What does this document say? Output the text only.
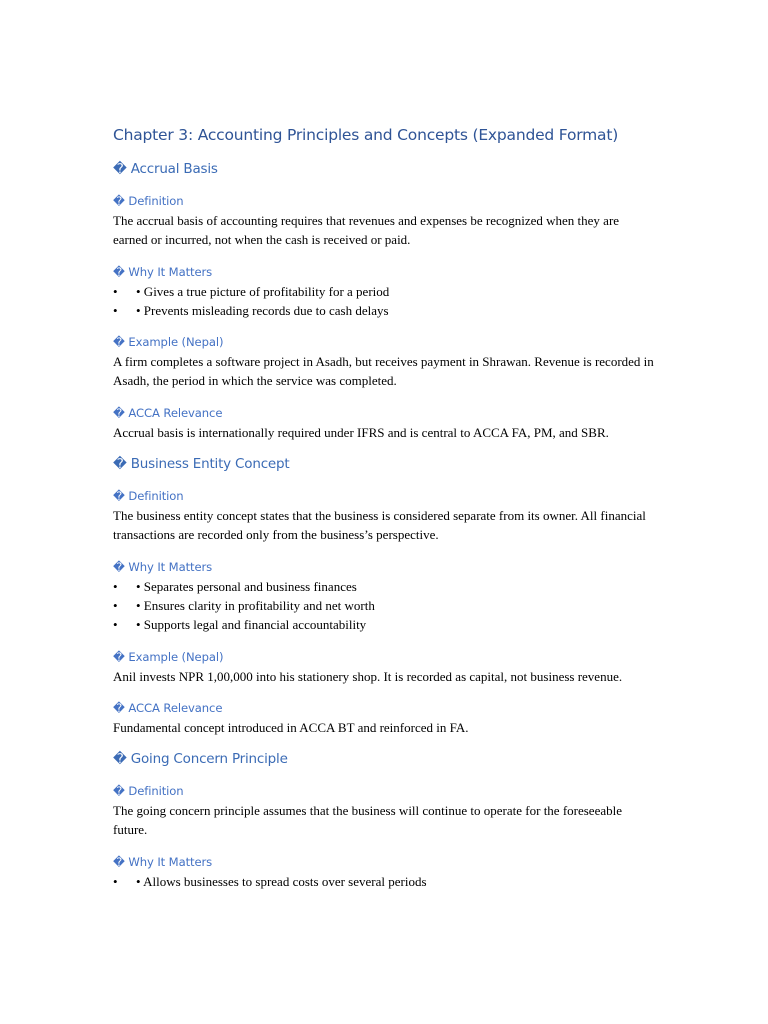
Chapter 3: Accounting Principles and Concepts (Expanded Format)
� Accrual Basis
� Definition

The accrual basis of accounting requires that revenues and expenses be recognized when they are earned or incurred, not when the cash is received or paid.

� Why It Matters
• • Gives a true picture of profitability for a period
• • Prevents misleading records due to cash delays
� Example (Nepal)

A firm completes a software project in Asadh, but receives payment in Shrawan. Revenue is recorded in Asadh, the period in which the service was completed.

� ACCA Relevance

Accrual basis is internationally required under IFRS and is central to ACCA FA, PM, and SBR.

� Business Entity Concept
� Definition

The business entity concept states that the business is considered separate from its owner. All financial transactions are recorded only from the business’s perspective.

� Why It Matters
• • Separates personal and business finances
• • Ensures clarity in profitability and net worth
• • Supports legal and financial accountability
� Example (Nepal)

Anil invests NPR 1,00,000 into his stationery shop. It is recorded as capital, not business revenue.

� ACCA Relevance

Fundamental concept introduced in ACCA BT and reinforced in FA.

� Going Concern Principle
� Definition

The going concern principle assumes that the business will continue to operate for the foreseeable future.

� Why It Matters
• • Allows businesses to spread costs over several periods
